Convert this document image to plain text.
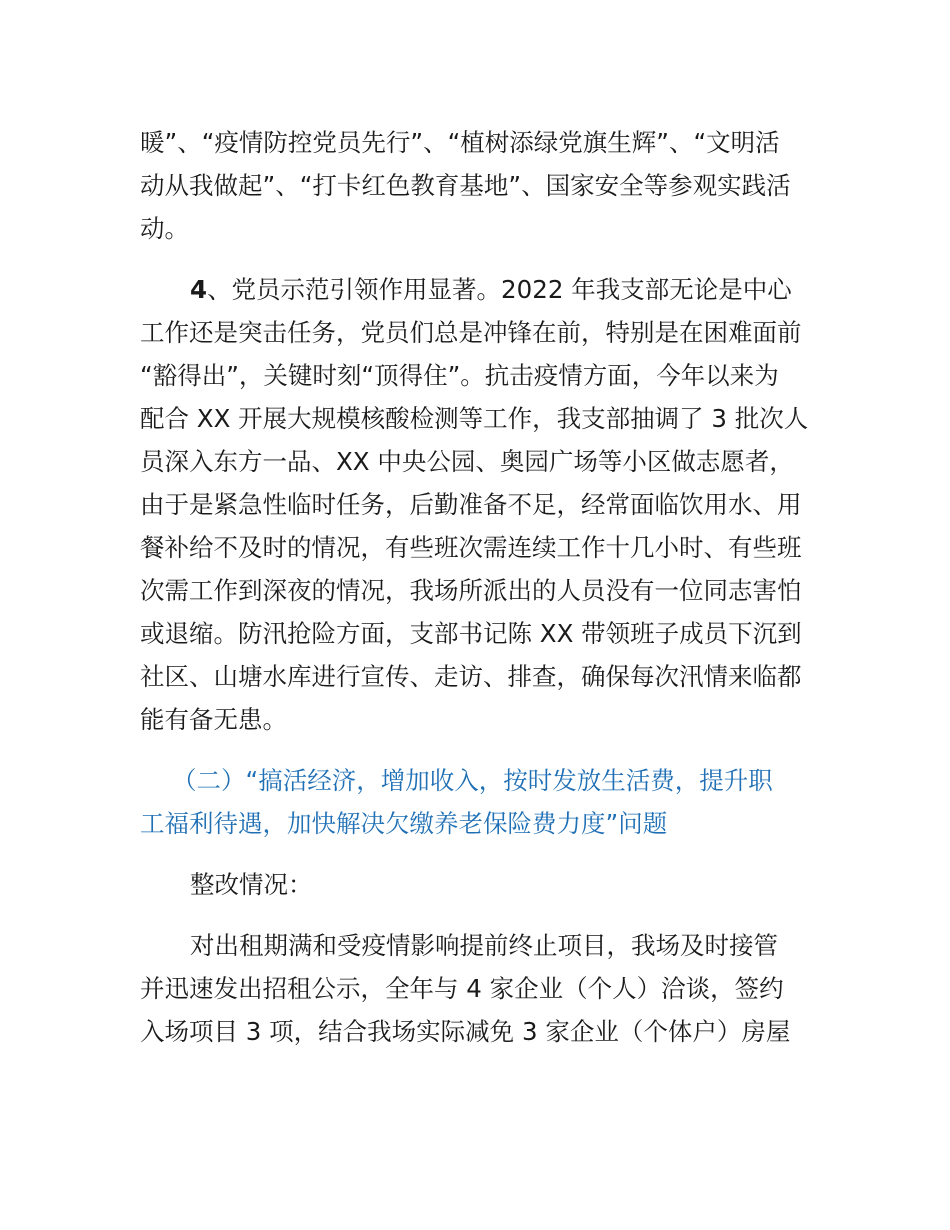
暖”、“疫情防控党员先行”、“植树添绿党旗生辉”、“文明活
动从我做起”、“打卡红色教育基地”、国家安全等参观实践活
动。
4、党员示范引领作用显著。2022 年我支部无论是中心
工作还是突击任务，党员们总是冲锋在前，特别是在困难面前
“豁得出”，关键时刻“顶得住”。抗击疫情方面，今年以来为
配合 XX 开展大规模核酸检测等工作，我支部抽调了 3 批次人
员深入东方一品、XX 中央公园、奥园广场等小区做志愿者，
由于是紧急性临时任务，后勤准备不足，经常面临饮用水、用
餐补给不及时的情况，有些班次需连续工作十几小时、有些班
次需工作到深夜的情况，我场所派出的人员没有一位同志害怕
或退缩。防汛抢险方面，支部书记陈 XX 带领班子成员下沉到
社区、山塘水库进行宣传、走访、排查，确保每次汛情来临都
能有备无患。
（二）“搞活经济，增加收入，按时发放生活费，提升职
工福利待遇，加快解决欠缴养老保险费力度”问题
整改情况：
对出租期满和受疫情影响提前终止项目，我场及时接管
并迅速发出招租公示，全年与 4 家企业（个人）洽谈，签约
入场项目 3 项，结合我场实际减免 3 家企业（个体户）房屋
